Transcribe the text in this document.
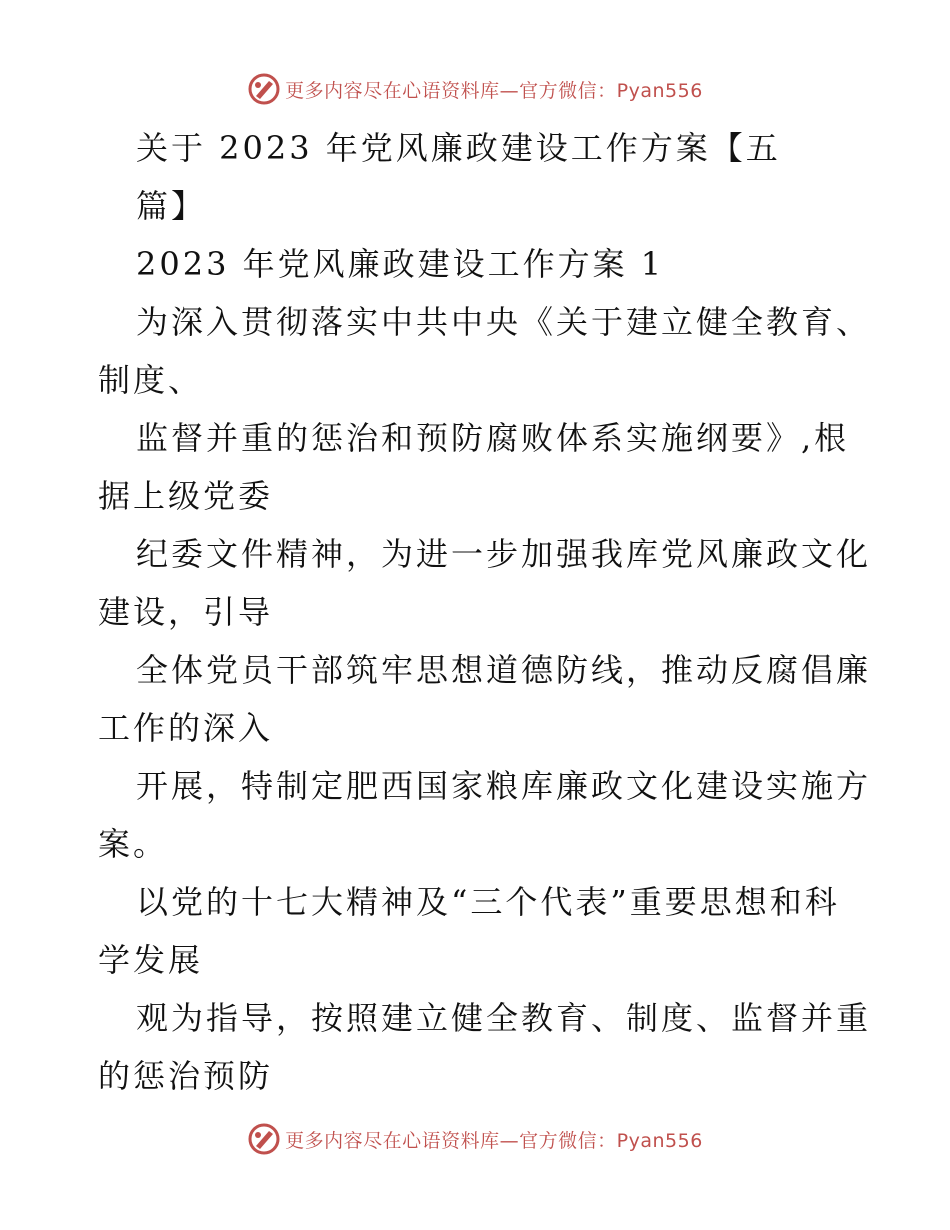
更多内容尽在心语资料库—官方微信：Pyan556
关于 2023 年党风廉政建设工作方案【五
篇】
2023 年党风廉政建设工作方案 1
为深入贯彻落实中共中央《关于建立健全教育、
制度、
监督并重的惩治和预防腐败体系实施纲要》,根
据上级党委
纪委文件精神，为进一步加强我库党风廉政文化
建设，引导
全体党员干部筑牢思想道德防线，推动反腐倡廉
工作的深入
开展，特制定肥西国家粮库廉政文化建设实施方
案。
以党的十七大精神及“三个代表”重要思想和科
学发展
观为指导，按照建立健全教育、制度、监督并重
的惩治预防
更多内容尽在心语资料库—官方微信：Pyan556
